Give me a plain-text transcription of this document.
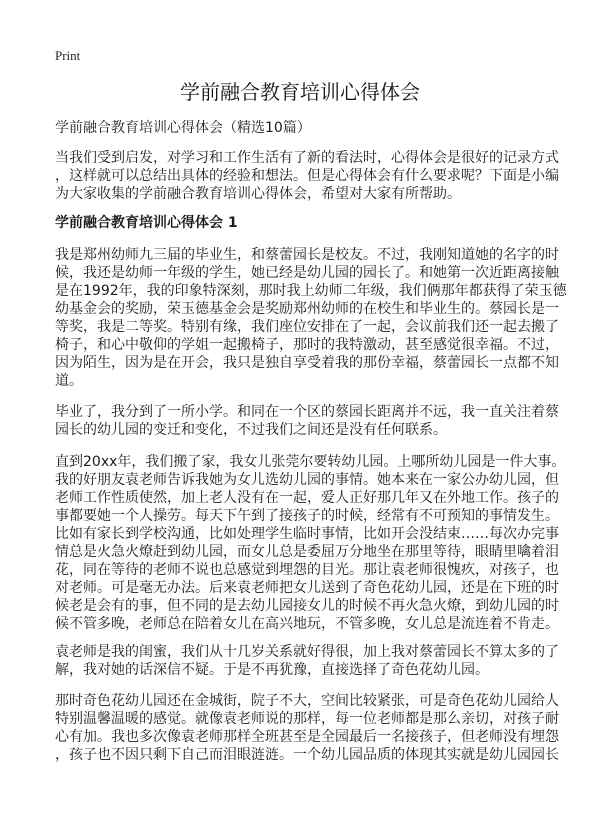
Print
学前融合教育培训心得体会
学前融合教育培训心得体会（精选10篇）
当我们受到启发，对学习和工作生活有了新的看法时，心得体会是很好的记录方式
，这样就可以总结出具体的经验和想法。但是心得体会有什么要求呢？下面是小编
为大家收集的学前融合教育培训心得体会，希望对大家有所帮助。
学前融合教育培训心得体会 1
我是郑州幼师九三届的毕业生，和蔡蕾园长是校友。不过，我刚知道她的名字的时
候，我还是幼师一年级的学生，她已经是幼儿园的园长了。和她第一次近距离接触
是在1992年，我的印象特深刻，那时我上幼师二年级，我们俩那年都获得了荣玉德
幼基金会的奖励，荣玉德基金会是奖励郑州幼师的在校生和毕业生的。蔡园长是一
等奖，我是二等奖。特别有缘，我们座位安排在了一起，会议前我们还一起去搬了
椅子，和心中敬仰的学姐一起搬椅子，那时的我特激动，甚至感觉很幸福。不过，
因为陌生，因为是在开会，我只是独自享受着我的那份幸福，蔡蕾园长一点都不知
道。
毕业了，我分到了一所小学。和同在一个区的蔡园长距离并不远，我一直关注着蔡
园长的幼儿园的变迁和变化，不过我们之间还是没有任何联系。
直到20xx年，我们搬了家，我女儿张莞尔要转幼儿园。上哪所幼儿园是一件大事。
我的好朋友袁老师告诉我她为女儿选幼儿园的事情。她本来在一家公办幼儿园，但
老师工作性质使然，加上老人没有在一起，爱人正好那几年又在外地工作。孩子的
事都要她一个人操劳。每天下午到了接孩子的时候，经常有不可预知的事情发生。
比如有家长到学校沟通，比如处理学生临时事情，比如开会没结束……每次办完事
情总是火急火燎赶到幼儿园，而女儿总是委屈万分地坐在那里等待，眼睛里噙着泪
花，同在等待的老师不说也总感觉到埋怨的目光。那让袁老师很愧疚，对孩子，也
对老师。可是毫无办法。后来袁老师把女儿送到了奇色花幼儿园，还是在下班的时
候老是会有的事，但不同的是去幼儿园接女儿的时候不再火急火燎，到幼儿园的时
候不管多晚，老师总在陪着女儿在高兴地玩，不管多晚，女儿总是流连着不肯走。
袁老师是我的闺蜜，我们从十几岁关系就好得很，加上我对蔡蕾园长不算太多的了
解，我对她的话深信不疑。于是不再犹豫，直接选择了奇色花幼儿园。
那时奇色花幼儿园还在金城街，院子不大，空间比较紧张，可是奇色花幼儿园给人
特别温馨温暖的感觉。就像袁老师说的那样，每一位老师都是那么亲切，对孩子耐
心有加。我也多次像袁老师那样全班甚至是全园最后一名接孩子，但老师没有埋怨
，孩子也不因只剩下自己而泪眼涟涟。一个幼儿园品质的体现其实就是幼儿园园长
